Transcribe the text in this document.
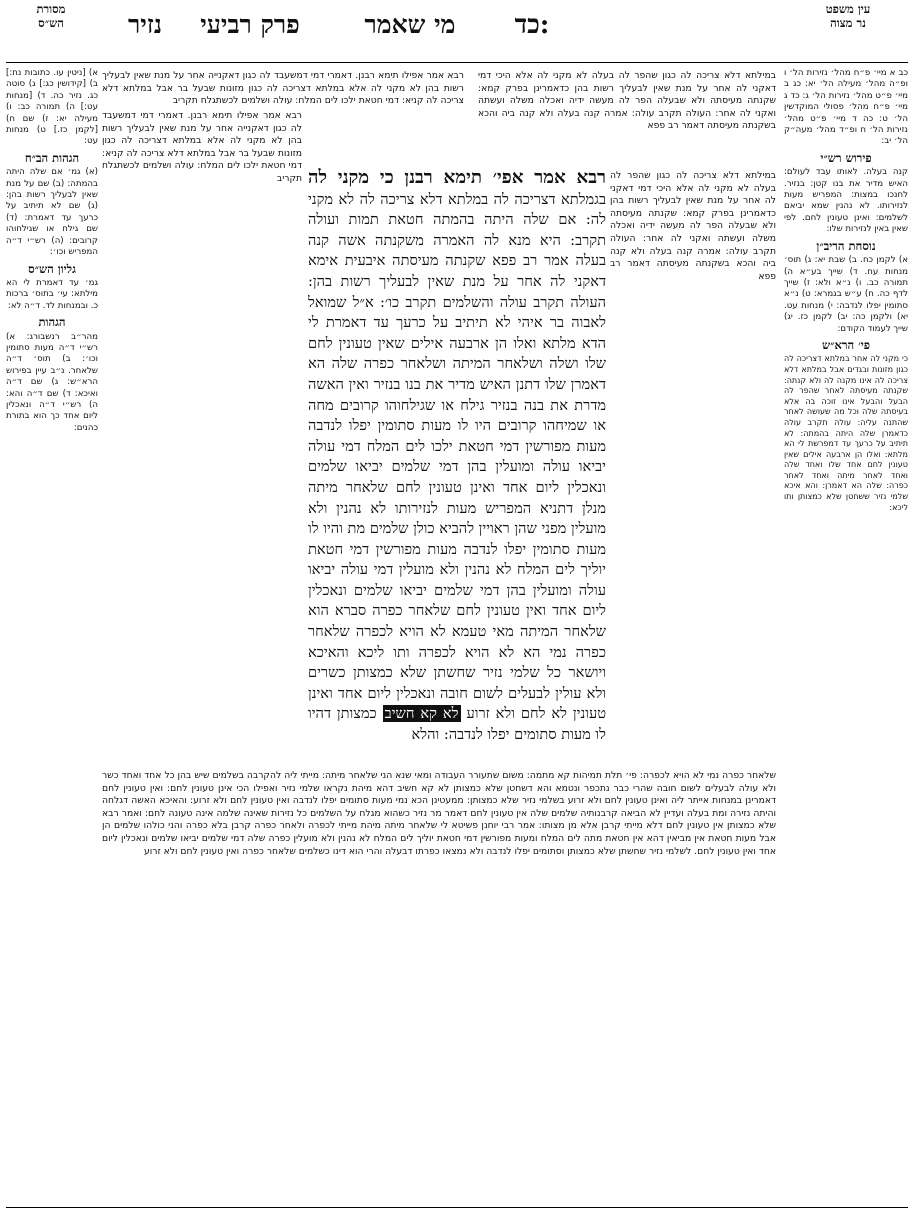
עין משפט
נר מצוה
כד:
מי שאמר
פרק רביעי
נזיר
מסורת
הש״ס

כב א מיי׳ פ״ח מהל׳ נזירות הל׳ ו ופ״ה מהל׳ מעילה הל׳ יא: כג ב מיי׳ פ״ט מהל׳ נזירות הל׳ ג: כד ג מיי׳ פ״ח מהל׳ פסולי המוקדשין הל׳ ט: כה ד מיי׳ פ״ט מהל׳ נזירות הל׳ ח ופ״ד מהל׳ מעה״ק הל׳ יב:

פירוש רש״י

קנה בעלה. לאותו עבד לעולם: האיש מדיר את בנו קטן: בנזיר. לחנכו במצות: המפריש מעות לנזירותו. לא נהנין שמא יביאם לשלמים: ואינן טעונין לחם. לפי שאין באין לנזירות שלו:

נוסחת הריב״ן

א) לקמן כח. ב) שבת יא: ג) תוס׳ מנחות עח. ד) שייך בע״א ה) תמורה כב. ו) נ״א ולא: ז) שייך לדף כה. ח) ע״ש בגמרא: ט) נ״א סתומין יפלו לנדבה: י) מנחות עט. יא) ולקמן כה: יב) לקמן כז. יג) שייך לעמוד הקודם:

פי׳ הרא״ש

כי מקני לה אחר במלתא דצריכה לה כגון מזונות ובגדים אבל במלתא דלא צריכה לה אינו מקנה לה ולא קנתה: שקנתה מעיסתה לאחר שהפר לה הבעל והבעל אינו זוכה בה אלא בעיסתה שלה וכל מה שעושה לאחר שהתנה עליה: עולה תקרב עולה כדאמרן שלה היתה בהמתה: לא תיתיב על כרעך עד דמפרשת לי הא מלתא: ואלו הן ארבעה אילים שאין טעונין לחם אחד שלו ואחד שלה ואחד לאחר מיתה ואחד לאחר כפרה: שלה הא דאמרן: והא איכא שלמי נזיר ששחטן שלא כמצותן ותו ליכא:

א) [ניטין עו. כתובות נח:] ב) [קידושין כג:] ג) סוטה כג. נזיר כה. ד) [מנחות עט:] ה) תמורה כב: ו) מעילה יא: ז) שם ח) [לקמן כז.] ט) מנחות עט:

הגהות הב״ח

(א) גמ׳ אם שלה היתה בהמתה: (ב) שם על מנת שאין לבעליך רשות בהן: (ג) שם לא תיתיב על כרעך עד דאמרת: (ד) שם גילח או שגילחוהו קרובים: (ה) רש״י ד״ה המפריש וכו׳:

גליון הש״ס

גמ׳ עד דאמרת לי הא מילתא: עי׳ בתוס׳ ברכות כ. ובמנחות לד. ד״ה לא:

הגהות

מהר״ב רנשבורג: א) רש״י ד״ה מעות סתומין וכו׳: ב) תוס׳ ד״ה שלאחר. נ״ב עיין בפירוש הרא״ש: ג) שם ד״ה ואיכא: ד) שם ד״ה והא: ה) רש״י ד״ה ונאכלין ליום אחד כך הוא בתורת כהנים:

במילתא דלא צריכה לה כגון שהפר לה בעלה לא מקני לה אלא היכי דמי דאקני לה אחר על מנת שאין לבעליך רשות בהן כדאמרינן בפרק קמא: שקנתה מעיסתה ולא שבעלה הפר לה מעשה ידיה ואכלה משלה ועשתה ואקני לה אחר: העולה תקרב עולה: אמרה קנה בעלה ולא קנה ביה והכא בשקנתה מעיסתה דאמר רב פפא

במילתא דלא צריכה לה כגון שהפר לה בעלה לא מקני לה אלא היכי דמי דאקני לה אחר על מנת שאין לבעליך רשות בהן כדאמרינן בפרק קמא: שקנתה מעיסתה ולא שבעלה הפר לה מעשה ידיה ואכלה משלה ועשתה ואקני לה אחר: העולה תקרב עולה: אמרה קנה בעלה ולא קנה ביה והכא בשקנתה מעיסתה דאמר רב פפא

רבא אמר אפילו תימא רבנן. דאמרי דמי דמשעבד לה כגון דאקנייה אחר על מנת שאין לבעליך רשות בהן לא מקני לה אלא במלתא דצריכה לה כגון מזונות שבעל בר אבל במלתא דלא צריכה לה קניא: דמי חטאת ילכו לים המלח: עולה ושלמים לכשתגלח תקריב

רבא אמר אפילו תימא רבנן. דאמרי דמי דמשעבד לה כגון דאקנייה אחר על מנת שאין לבעליך רשות בהן לא מקני לה אלא במלתא דצריכה לה כגון מזונות שבעל בר אבל במלתא דלא צריכה לה קניא: דמי חטאת ילכו לים המלח: עולה ושלמים לכשתגלח תקריב רבא אמר אפי׳ תימא רבנן כי מקני לה בגמלתא דצריכה לה במלתא דלא צריכה לה לא מקני לה: אם שלה היתה בהמתה חטאת תמות ועולה תקרב: היא מנא לה האמרה משקנתה אשה קנה בעלה אמר רב פפא שקנתה מעיסתה איבעית אימא דאקני לה אחר על מנת שאין לבעליך רשות בהן: העולה תקרב עולה והשלמים תקרב כו׳: א״ל שמואל לאבוה בר איהי לא תיתיב על כרעך עד דאמרת לי הדא מלתא ואלו הן ארבעה אילים שאין טעונין לחם שלו ושלה ושלאחר המיתה ושלאחר כפרה שלה הא דאמרן שלו דתנן האיש מדיר את בנו בנזיר ואין האשה מדרת את בנה בנזיר גילח או שגילחוהו קרובים מחה או שמיחהו קרובים היו לו מעות סתומין יפלו לנדבה מעות מפורשין דמי חטאת ילכו לים המלח דמי עולה יביאו עולה ומועלין בהן דמי שלמים יביאו שלמים ונאכלין ליום אחד ואינן טעונין לחם שלאחר מיתה מנלן דתניא המפריש מעות לנזירותו לא נהנין ולא מועלין מפני שהן ראויין להביא כולן שלמים מת והיו לו מעות סתומין יפלו לנדבה מעות מפורשין דמי חטאת יוליך לים המלח לא נהנין ולא מועלין דמי עולה יביאו עולה ומועלין בהן דמי שלמים יביאו שלמים ונאכלין ליום אחד ואין טעונין לחם שלאחר כפרה סברא הוא שלאחר המיתה מאי טעמא לא הויא לכפרה שלאחר כפרה נמי הא לא הויא לכפרה ותו ליכא והאיכא ויושאר כל שלמי נזיר שחשתן שלא כמצותן כשרים ולא עולין לבעלים לשום חובה ונאכלין ליום אחד ואינן טעונין לא לחם ולא זרוע לא קא חשיב כמצותן דהיו לו מעות סתומים יפלו לנדבה: והלא

שלאחר כפרה נמי לא הויא לכפרה: פי׳ תלת תמיהות קא מתמה: משום שתעורר העבודה ומאי שנא הני שלאחר מיתה: מייתי ליה להקרבה בשלמים שיש בהן כל אחד ואחד כשר ולא עולה לבעלים לשום חובה שהרי כבר נתכפר ונטמא והא דשחטן שלא כמצותן לא קא חשיב דהא מיהת נקראו שלמי נזיר ואפילו הכי אינן טעונין לחם: ואין טעונין לחם דאמרינן במנחות אייתר ליה ואינן טעונין לחם ולא זרוע בשלמי נזיר שלא כמצותן: ממעטינן הכא נמי מעות סתומים יפלו לנדבה ואין טעונין לחם ולא זרוע: והאיכא האשה דגלחה והיתה נזירה ומת בעלה ועדיין לא הביאה קרבנותיה שלמים שלה אין טעונין לחם דאמר מר נזיר כשהוא מגלח על השלמים כל נזירות שאינה שלמה אינה טעונה לחם: ואמר רבא שלא כמצותן אין טעונין לחם דלא מייתי קרבן אלא מן מצותו: אמר רבי יוחנן פשיטא לי שלאחר מיתה מיהת מייתי לכפרה ולאחר כפרה קרבן בלא כפרה והני כולהו שלמים הן אבל מעות חטאת אין מביאין דהא אין חטאת מתה לים המלח ומעות מפורשין דמי חטאת יוליך לים המלח לא נהנין ולא מועלין כפרה שלה דמי שלמים יביאו שלמים ונאכלין ליום אחד ואין טעונין לחם. לשלמי נזיר שחשתן שלא כמצותן וסתומים יפלו לנדבה ולא נמצאו כפרתו דבעלה והרי הוא דינו כשלמים שלאחר כפרה ואין טעונין לחם ולא זרוע
